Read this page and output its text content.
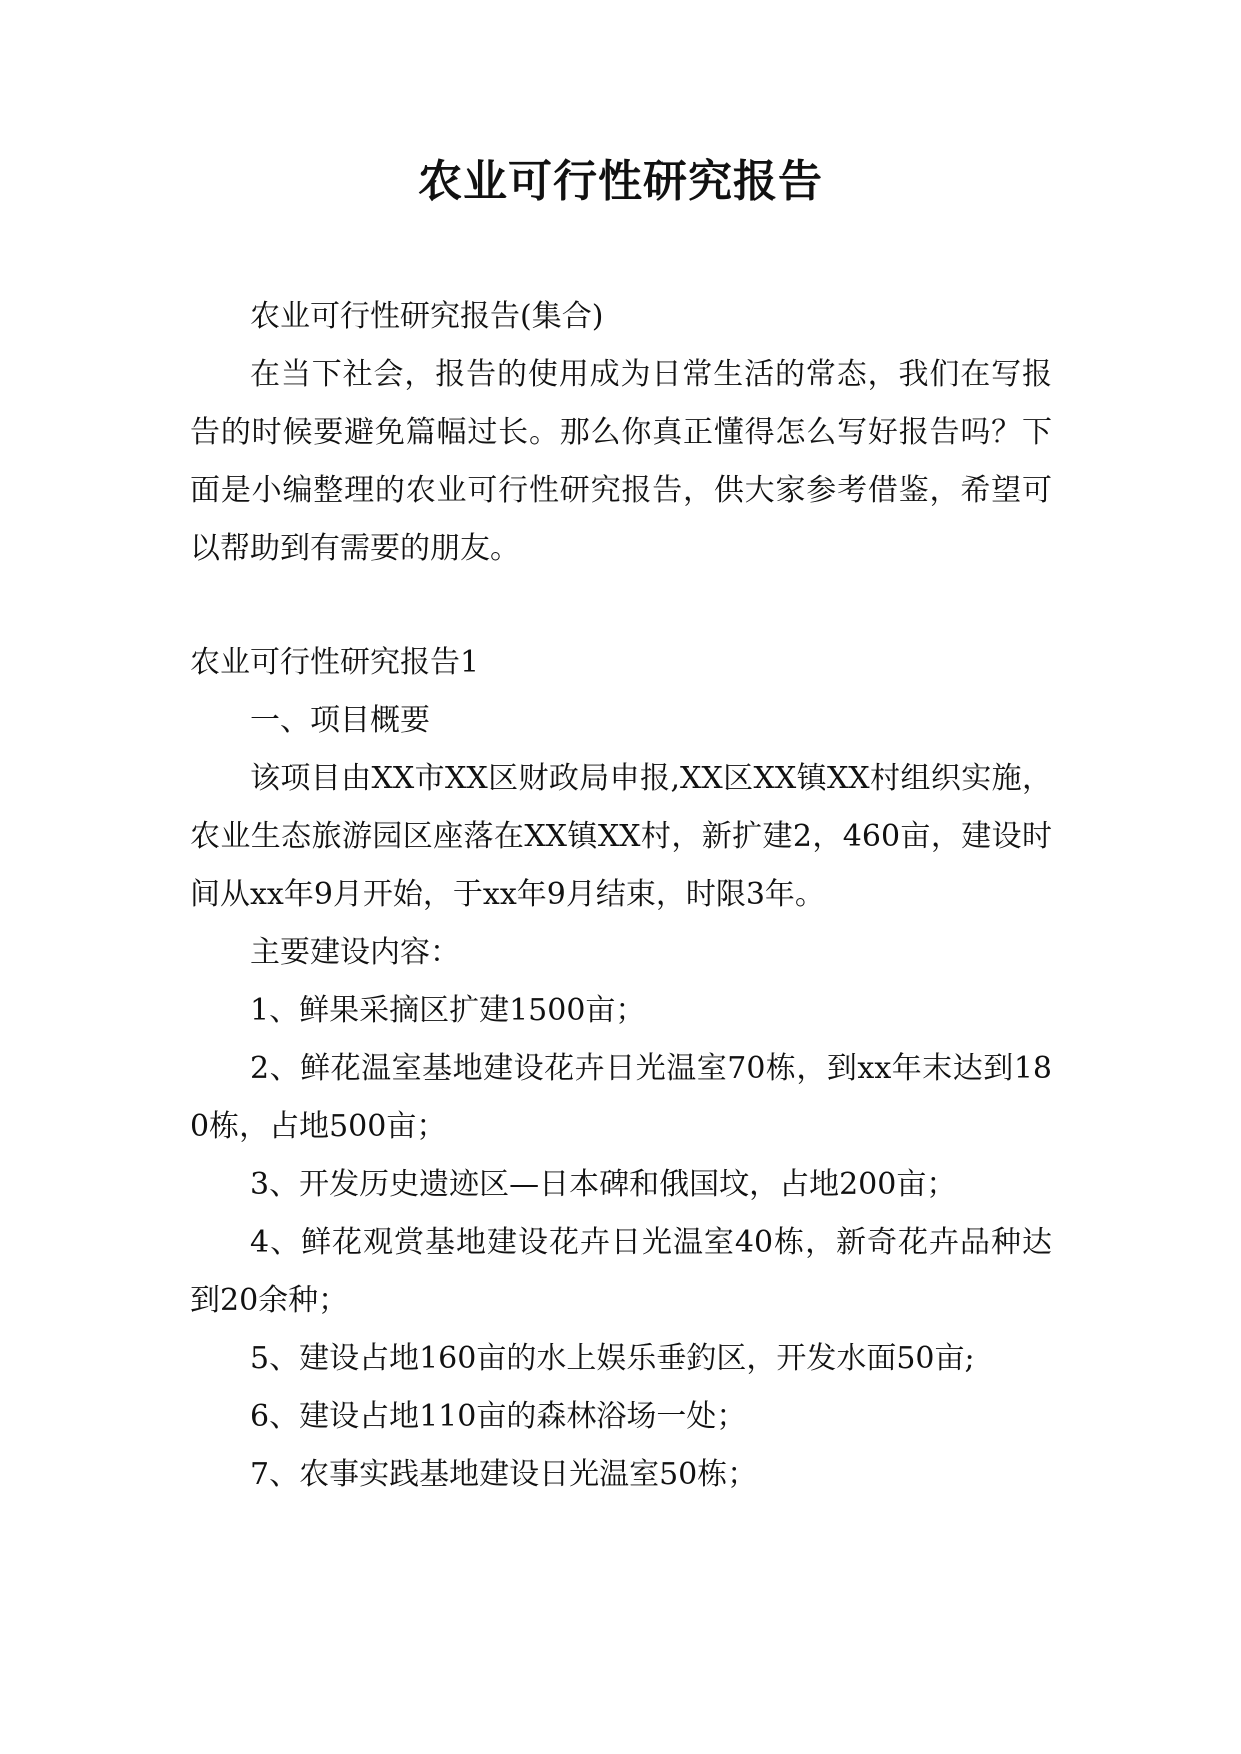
农业可行性研究报告

农业可行性研究报告(集合)

在当下社会，报告的使用成为日常生活的常态，我们在写报告的时候要避免篇幅过长。那么你真正懂得怎么写好报告吗？下面是小编整理的农业可行性研究报告，供大家参考借鉴，希望可以帮助到有需要的朋友。

农业可行性研究报告1

一、项目概要

该项目由XX市XX区财政局申报,XX区XX镇XX村组织实施，农业生态旅游园区座落在XX镇XX村，新扩建2，460亩，建设时间从xx年9月开始，于xx年9月结束，时限3年。

主要建设内容：

1、鲜果采摘区扩建1500亩；

2、鲜花温室基地建设花卉日光温室70栋，到xx年末达到180栋，占地500亩；

3、开发历史遗迹区—日本碑和俄国坟，占地200亩；

4、鲜花观赏基地建设花卉日光温室40栋，新奇花卉品种达到20余种；

5、建设占地160亩的水上娱乐垂釣区，开发水面50亩;

6、建设占地110亩的森林浴场一处；

7、农事实践基地建设日光温室50栋；
